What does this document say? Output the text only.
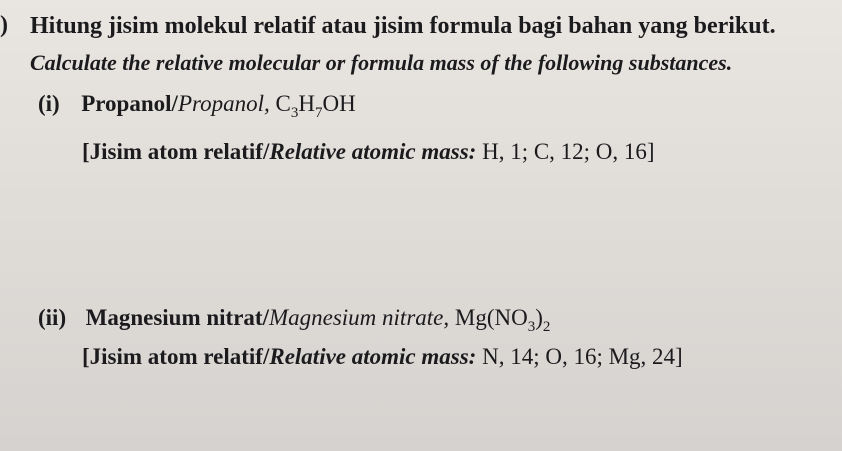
) Hitung jisim molekul relatif atau jisim formula bagi bahan yang berikut.
Calculate the relative molecular or formula mass of the following substances.
(i) Propanol/Propanol, $C_3H_7OH$
[Jisim atom relatif/Relative atomic mass: H, 1; C, 12; O, 16]
(ii) Magnesium nitrat/Magnesium nitrate, $Mg(NO_3)_2$
[Jisim atom relatif/Relative atomic mass: N, 14; O, 16; Mg, 24]
